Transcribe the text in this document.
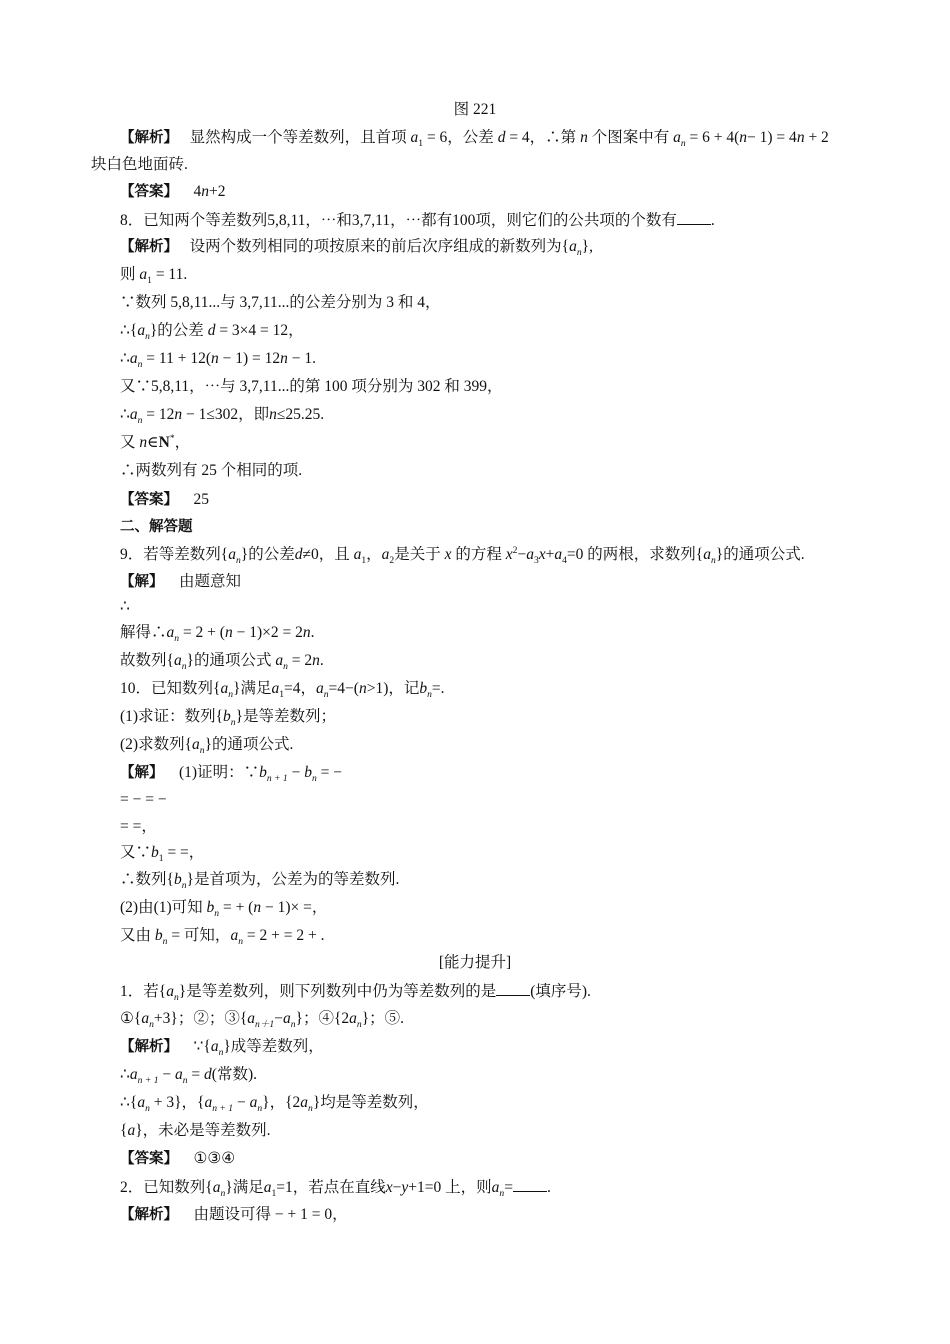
图 221
【解析】 显然构成一个等差数列，且首项 $a_1 = 6$，公差 d = 4，∴第 n 个图案中有 $a_n = 6 + 4(n- 1) = 4n + 2$
块白色地面砖.
【答案】 4n+2
8．已知两个等差数列5,8,11，⋯和3,7,11，⋯都有100项，则它们的公共项的个数有 .
【解析】 设两个数列相同的项按原来的前后次序组成的新数列为$\{a_n\}$,
则 $a_1 = 11$.
∵数列 5,8,11...与 3,7,11...的公差分别为 3 和 4，
$\therefore\{a_n\}$的公差 d = 3×4 = 12，
$\therefore a_n = 11 + 12(n - 1) = 12n - 1$.
又∵5,8,11，⋯与 3,7,11...的第 100 项分别为 302 和 399，
$\therefore a_n = 12n - 1\le 302$，即n≤25.25.
又 n∈N*，
∴两数列有 25 个相同的项.
【答案】 25
二、解答题
9．若等差数列$\{a_n\}$的公差d≠0，且 $a_1$，$a_2$是关于 x 的方程 $x^2-a_3x+a_4=0$ 的两根，求数列$\{a_n\}$的通项公式.
【解】 由题意知
∴
解得$\therefore a_n = 2 + (n - 1)\times 2 = 2n$.
故数列$\{a_n\}$的通项公式 $a_n = 2n$.
10．已知数列$\{a_n\}$满足$a_1=4$，$a_n=4-(n>1)$，记$b_n=$.
(1)求证：数列$\{b_n\}$是等差数列；
(2)求数列$\{a_n\}$的通项公式.
【解】 (1)证明：$\because b_{n + 1} - b_n$ = −
= − = −
= =，
又$\because b_1$ = =，
∴数列$\{b_n\}$是首项为，公差为的等差数列.
(2)由(1)可知 $b_n$ = + (n − 1)× =，
又由 $b_n$ = 可知，$a_n = 2$ + = 2 + .
[能力提升]
1．若$\{a_n\}$是等差数列，则下列数列中仍为等差数列的是 (填序号).
$①\{a_n+3\}$；②；$③\{a_{n+1}-a_n\}$；$④\{2a_n\}$；⑤.
【解析】 $\because\{a_n\}$成等差数列，
$\therefore a_{n + 1} - a_n = d$(常数).
$\therefore\{a_n + 3\}$，$\{a_{n + 1} - a_n\}$，$\{2a_n\}$均是等差数列，
{a}，未必是等差数列.
【答案】 ①③④
2．已知数列$\{a_n\}$满足$a_1=1$，若点在直线x−y+1=0 上，则$a_n=$ .
【解析】 由题设可得 − + 1 = 0，
